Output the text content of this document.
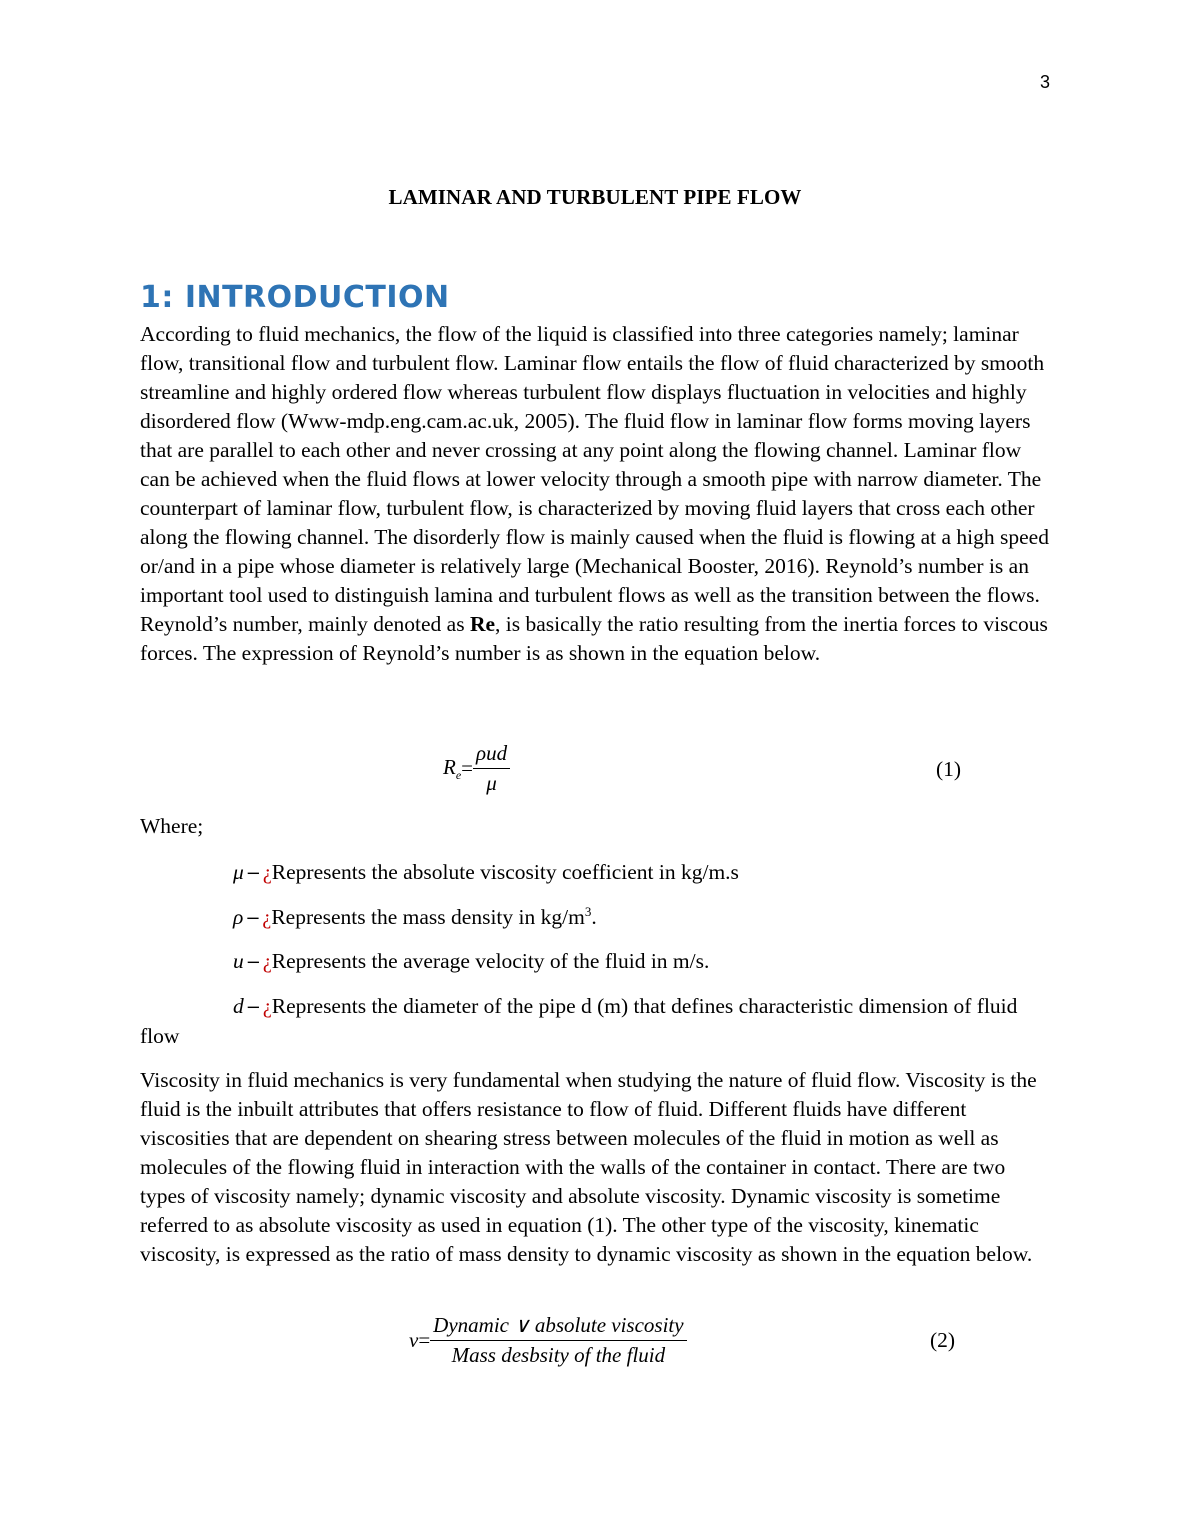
3
LAMINAR AND TURBULENT PIPE FLOW
1: INTRODUCTION

According to fluid mechanics, the flow of the liquid is classified into three categories namely; laminar flow, transitional flow and turbulent flow. Laminar flow entails the flow of fluid characterized by smooth streamline and highly ordered flow whereas turbulent flow displays fluctuation in velocities and highly disordered flow (Www-mdp.eng.cam.ac.uk, 2005). The fluid flow in laminar flow forms moving layers that are parallel to each other and never crossing at any point along the flowing channel. Laminar flow can be achieved when the fluid flows at lower velocity through a smooth pipe with narrow diameter. The counterpart of laminar flow, turbulent flow, is characterized by moving fluid layers that cross each other along the flowing channel. The disorderly flow is mainly caused when the fluid is flowing at a high speed or/and in a pipe whose diameter is relatively large (Mechanical Booster, 2016). Reynold’s number is an important tool used to distinguish lamina and turbulent flows as well as the transition between the flows. Reynold’s number, mainly denoted as Re, is basically the ratio resulting from the inertia forces to viscous forces. The expression of Reynold’s number is as shown in the equation below.

$R_e= \frac{\text{ρud}}{\mu}$	(1)
Where;
μ − ¿Represents the absolute viscosity coefficient in kg/m.s
ρ − ¿Represents the mass density in $kg/m^3$.
u − ¿Represents the average velocity of the fluid in m/s.
d − ¿Represents the diameter of the pipe d (m) that defines characteristic dimension of fluid flow

Viscosity in fluid mechanics is very fundamental when studying the nature of fluid flow. Viscosity is the fluid is the inbuilt attributes that offers resistance to flow of fluid. Different fluids have different viscosities that are dependent on shearing stress between molecules of the fluid in motion as well as molecules of the flowing fluid in interaction with the walls of the container in contact. There are two types of viscosity namely; dynamic viscosity and absolute viscosity. Dynamic viscosity is sometime referred to as absolute viscosity as used in equation (1). The other type of the viscosity, kinematic viscosity, is expressed as the ratio of mass density to dynamic viscosity as shown in the equation below.

$v= \frac{\text{Dynamic ∨ absolute viscosity}}{\text{Mass desbsity of the fluid}}$	(2)
